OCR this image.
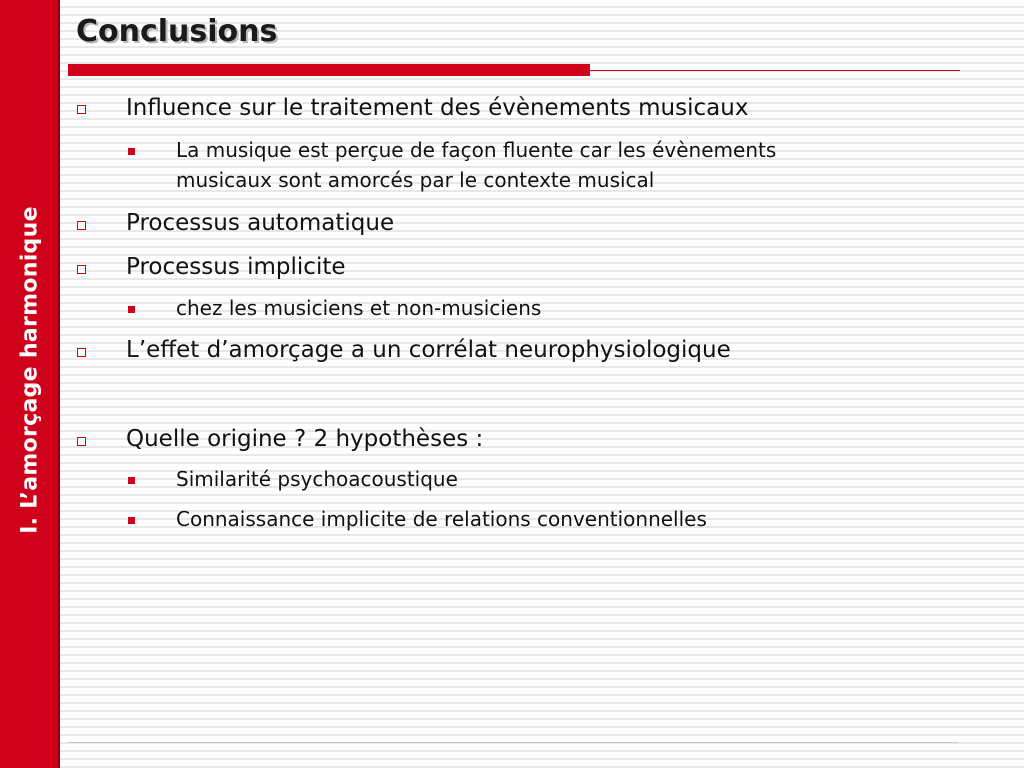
I. L’amorçage harmonique
Conclusions
Influence sur le traitement des évènements musicaux
La musique est perçue de façon fluente car les évènements
musicaux sont amorcés par le contexte musical
Processus automatique
Processus implicite
chez les musiciens et non-musiciens
L’effet d’amorçage a un corrélat neurophysiologique
Quelle origine ? 2 hypothèses :
Similarité psychoacoustique
Connaissance implicite de relations conventionnelles
